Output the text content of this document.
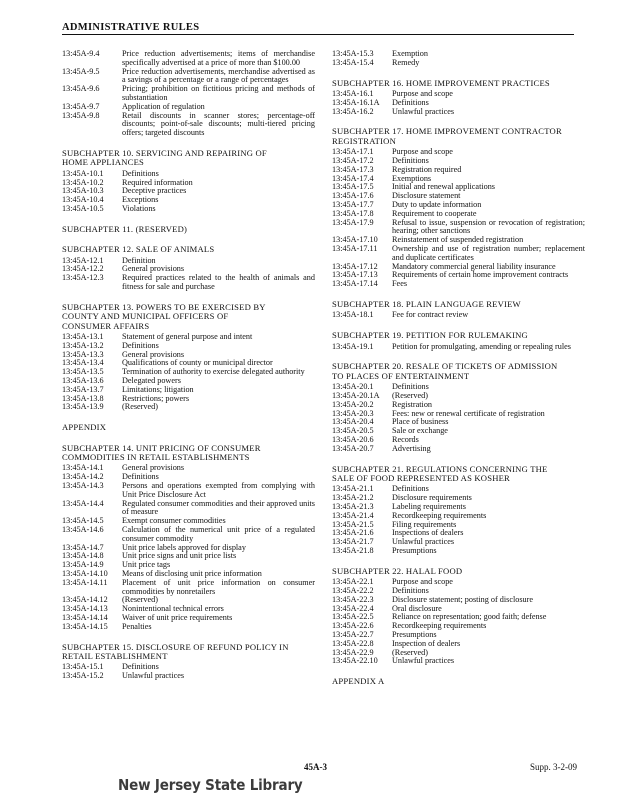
ADMINISTRATIVE RULES
13:45A-9.4	Price reduction advertisements; items of merchandise specifically advertised at a price of more than $100.00
13:45A-9.5	Price reduction advertisements, merchandise advertised as a savings of a percentage or a range of percentages
13:45A-9.6	Pricing; prohibition on fictitious pricing and methods of substantiation
13:45A-9.7	Application of regulation
13:45A-9.8	Retail discounts in scanner stores; percentage-off discounts; point-of-sale discounts; multi-tiered pricing offers; targeted discounts
SUBCHAPTER 10. SERVICING AND REPAIRING OF
HOME APPLIANCES
13:45A-10.1	Definitions
13:45A-10.2	Required information
13:45A-10.3	Deceptive practices
13:45A-10.4	Exceptions
13:45A-10.5	Violations
SUBCHAPTER 11. (RESERVED)
SUBCHAPTER 12. SALE OF ANIMALS
13:45A-12.1	Definition
13:45A-12.2	General provisions
13:45A-12.3	Required practices related to the health of animals and fitness for sale and purchase
SUBCHAPTER 13. POWERS TO BE EXERCISED BY
COUNTY AND MUNICIPAL OFFICERS OF
CONSUMER AFFAIRS
13:45A-13.1	Statement of general purpose and intent
13:45A-13.2	Definitions
13:45A-13.3	General provisions
13:45A-13.4	Qualifications of county or municipal director
13:45A-13.5	Termination of authority to exercise delegated authority
13:45A-13.6	Delegated powers
13:45A-13.7	Limitations; litigation
13:45A-13.8	Restrictions; powers
13:45A-13.9	(Reserved)
APPENDIX
SUBCHAPTER 14. UNIT PRICING OF CONSUMER
COMMODITIES IN RETAIL ESTABLISHMENTS
13:45A-14.1	General provisions
13:45A-14.2	Definitions
13:45A-14.3	Persons and operations exempted from complying with Unit Price Disclosure Act
13:45A-14.4	Regulated consumer commodities and their approved units of measure
13:45A-14.5	Exempt consumer commodities
13:45A-14.6	Calculation of the numerical unit price of a regulated consumer commodity
13:45A-14.7	Unit price labels approved for display
13:45A-14.8	Unit price signs and unit price lists
13:45A-14.9	Unit price tags
13:45A-14.10	Means of disclosing unit price information
13:45A-14.11	Placement of unit price information on consumer commodities by nonretailers
13:45A-14.12	(Reserved)
13:45A-14.13	Nonintentional technical errors
13:45A-14.14	Waiver of unit price requirements
13:45A-14.15	Penalties
SUBCHAPTER 15. DISCLOSURE OF REFUND POLICY IN
RETAIL ESTABLISHMENT
13:45A-15.1	Definitions
13:45A-15.2	Unlawful practices
13:45A-15.3	Exemption
13:45A-15.4	Remedy
SUBCHAPTER 16. HOME IMPROVEMENT PRACTICES
13:45A-16.1	Purpose and scope
13:45A-16.1A	Definitions
13:45A-16.2	Unlawful practices
SUBCHAPTER 17. HOME IMPROVEMENT CONTRACTOR
REGISTRATION
13:45A-17.1	Purpose and scope
13:45A-17.2	Definitions
13:45A-17.3	Registration required
13:45A-17.4	Exemptions
13:45A-17.5	Initial and renewal applications
13:45A-17.6	Disclosure statement
13:45A-17.7	Duty to update information
13:45A-17.8	Requirement to cooperate
13:45A-17.9	Refusal to issue, suspension or revocation of registration; hearing; other sanctions
13:45A-17.10	Reinstatement of suspended registration
13:45A-17.11	Ownership and use of registration number; replacement and duplicate certificates
13:45A-17.12	Mandatory commercial general liability insurance
13:45A-17.13	Requirements of certain home improvement contracts
13:45A-17.14	Fees
SUBCHAPTER 18. PLAIN LANGUAGE REVIEW
13:45A-18.1	Fee for contract review
SUBCHAPTER 19. PETITION FOR RULEMAKING
13:45A-19.1	Petition for promulgating, amending or repealing rules
SUBCHAPTER 20. RESALE OF TICKETS OF ADMISSION
TO PLACES OF ENTERTAINMENT
13:45A-20.1	Definitions
13:45A-20.1A	(Reserved)
13:45A-20.2	Registration
13:45A-20.3	Fees: new or renewal certificate of registration
13:45A-20.4	Place of business
13:45A-20.5	Sale or exchange
13:45A-20.6	Records
13:45A-20.7	Advertising
SUBCHAPTER 21. REGULATIONS CONCERNING THE
SALE OF FOOD REPRESENTED AS KOSHER
13:45A-21.1	Definitions
13:45A-21.2	Disclosure requirements
13:45A-21.3	Labeling requirements
13:45A-21.4	Recordkeeping requirements
13:45A-21.5	Filing requirements
13:45A-21.6	Inspections of dealers
13:45A-21.7	Unlawful practices
13:45A-21.8	Presumptions
SUBCHAPTER 22. HALAL FOOD
13:45A-22.1	Purpose and scope
13:45A-22.2	Definitions
13:45A-22.3	Disclosure statement; posting of disclosure
13:45A-22.4	Oral disclosure
13:45A-22.5	Reliance on representation; good faith; defense
13:45A-22.6	Recordkeeping requirements
13:45A-22.7	Presumptions
13:45A-22.8	Inspection of dealers
13:45A-22.9	(Reserved)
13:45A-22.10	Unlawful practices
APPENDIX A
45A-3	Supp. 3-2-09
New Jersey State Library
